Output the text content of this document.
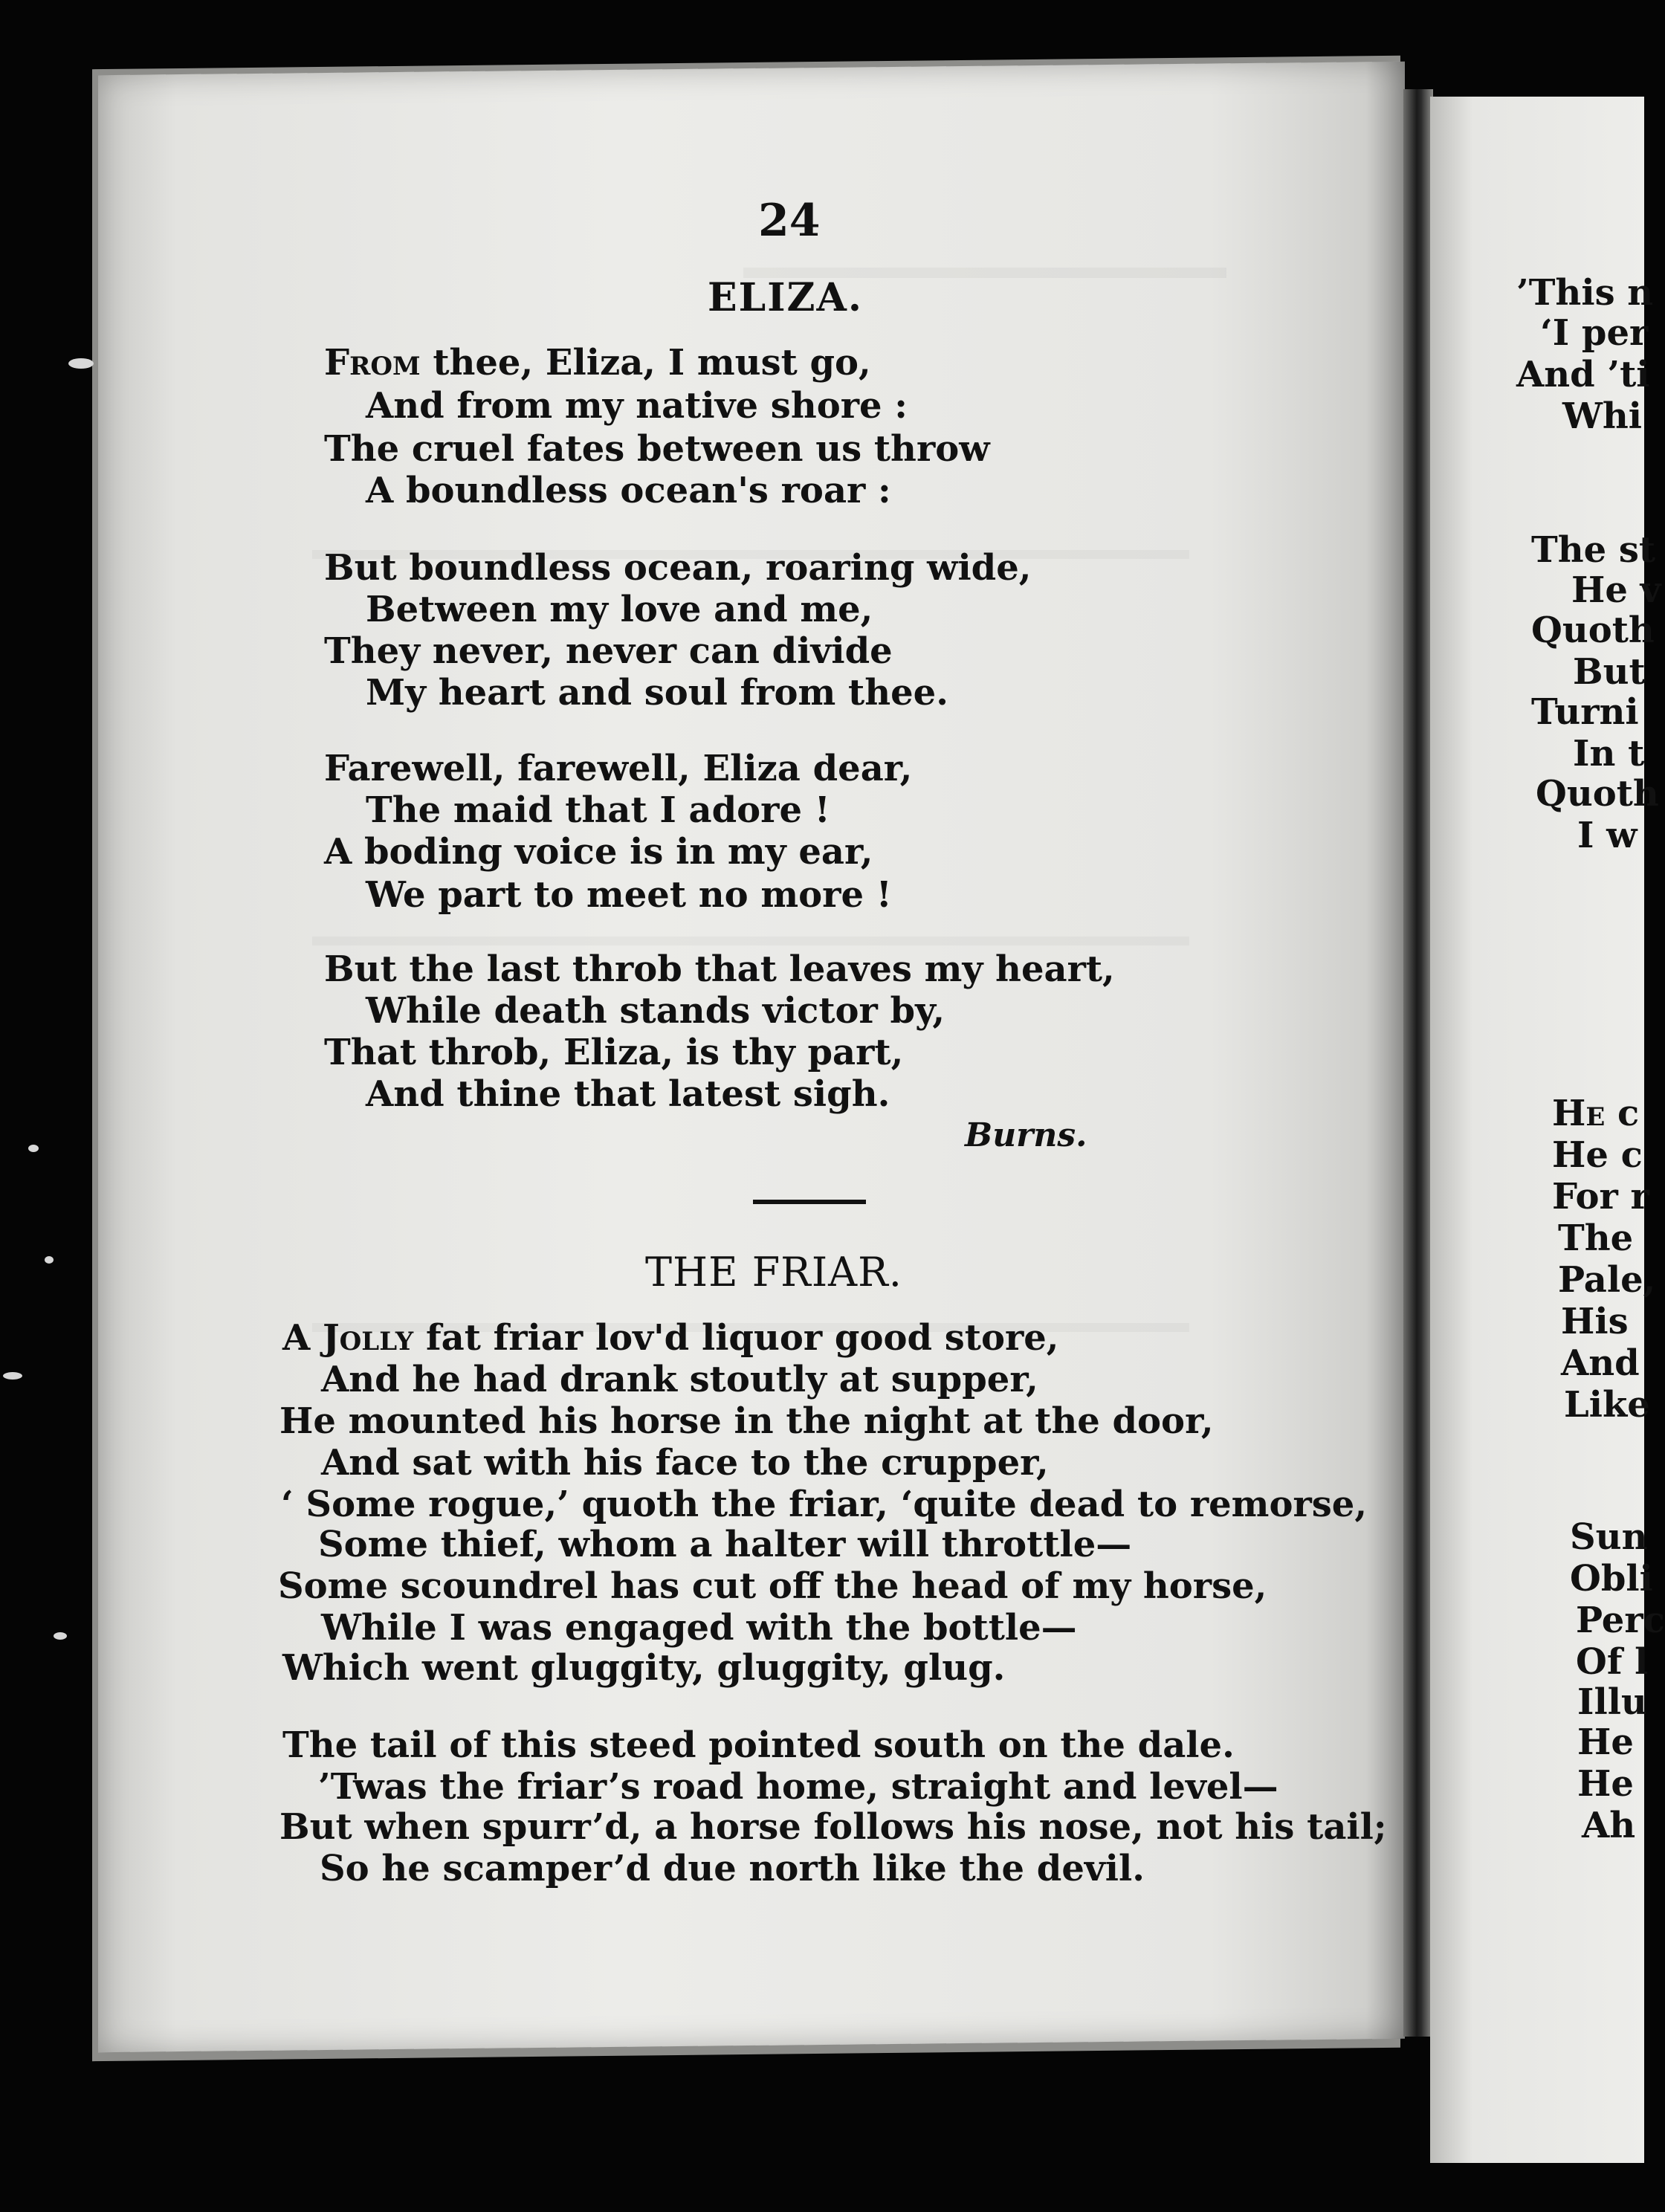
24
ELIZA.
From thee, Eliza, I must go,
And from my native shore :
The cruel fates between us throw
A boundless ocean's roar :
But boundless ocean, roaring wide,
Between my love and me,
They never, never can divide
My heart and soul from thee.
Farewell, farewell, Eliza dear,
The maid that I adore !
A boding voice is in my ear,
We part to meet no more !
But the last throb that leaves my heart,
While death stands victor by,
That throb, Eliza, is thy part,
And thine that latest sigh.
Burns.
THE FRIAR.
A Jolly fat friar lov'd liquor good store,
And he had drank stoutly at supper,
He mounted his horse in the night at the door,
And sat with his face to the crupper,
‘ Some rogue,’ quoth the friar, ‘quite dead to remorse,
Some thief, whom a halter will throttle—
Some scoundrel has cut off the head of my horse,
While I was engaged with the bottle—
Which went gluggity, gluggity, glug.
The tail of this steed pointed south on the dale.
’Twas the friar’s road home, straight and level—
But when spurr’d, a horse follows his nose, not his tail;
So he scamper’d due north like the devil.
’This n
‘I per
And ’ti
Whi
The st
He v
Quoth
But
Turni
In t
Quoth
I w
He c
He c
For r
The
Pale,
His
And
Like
Sun
Obli
Perc
Of l
Illu
He
He
Ah
